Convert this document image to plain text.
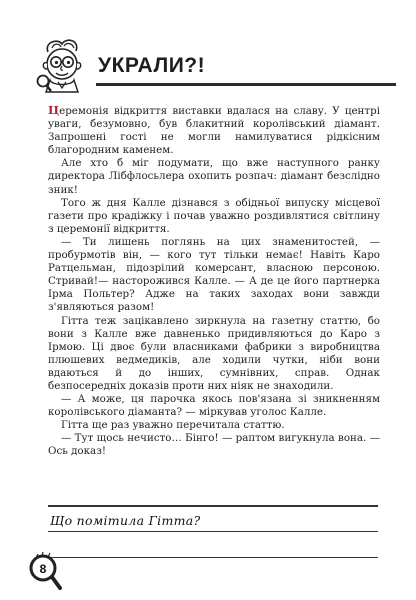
УКРАЛИ?!

Церемонія відкриття виставки вдалася на славу. У центрі уваги, безумовно, був блакитний королівський діамант. Запрошені гості не могли намилуватися рідкісним благородним каменем.

Але хто б міг подумати, що вже наступного ранку директора Лібфлосьлера охопить розпач: діамант безслідно зник!

Того ж дня Калле дізнався з обідньої випуску місцевої газети про крадіжку і почав уважно роздивлятися світлину з церемонії відкриття.

— Ти лишень поглянь на цих знаменитостей, — пробурмотів він, — кого тут тільки немає! Навіть Каро Ратцельман, підозрілий комерсант, власною персоною. Стривай!— насторожився Калле. — А де це його партнерка Ірма Польтер? Адже на таких заходах вони завжди з'являються разом!

Гітта теж зацікавлено зиркнула на газетну статтю, бо вони з Калле вже давненько придивляються до Каро з Ірмою. Ці двоє були власниками фабрики з виробництва плюшевих ведмедиків, але ходили чутки, ніби вони вдаються й до інших, сумнівних, справ. Однак безпосередніх доказів проти них ніяк не знаходили.

— А може, ця парочка якось пов'язана зі зникненням королівського діаманта? — міркував уголос Калле.

Гітта ще раз уважно перечитала статтю.

— Тут щось нечисто… Бінго! — раптом вигукнула вона. — Ось доказ!

Що помітила Гітта?
8
